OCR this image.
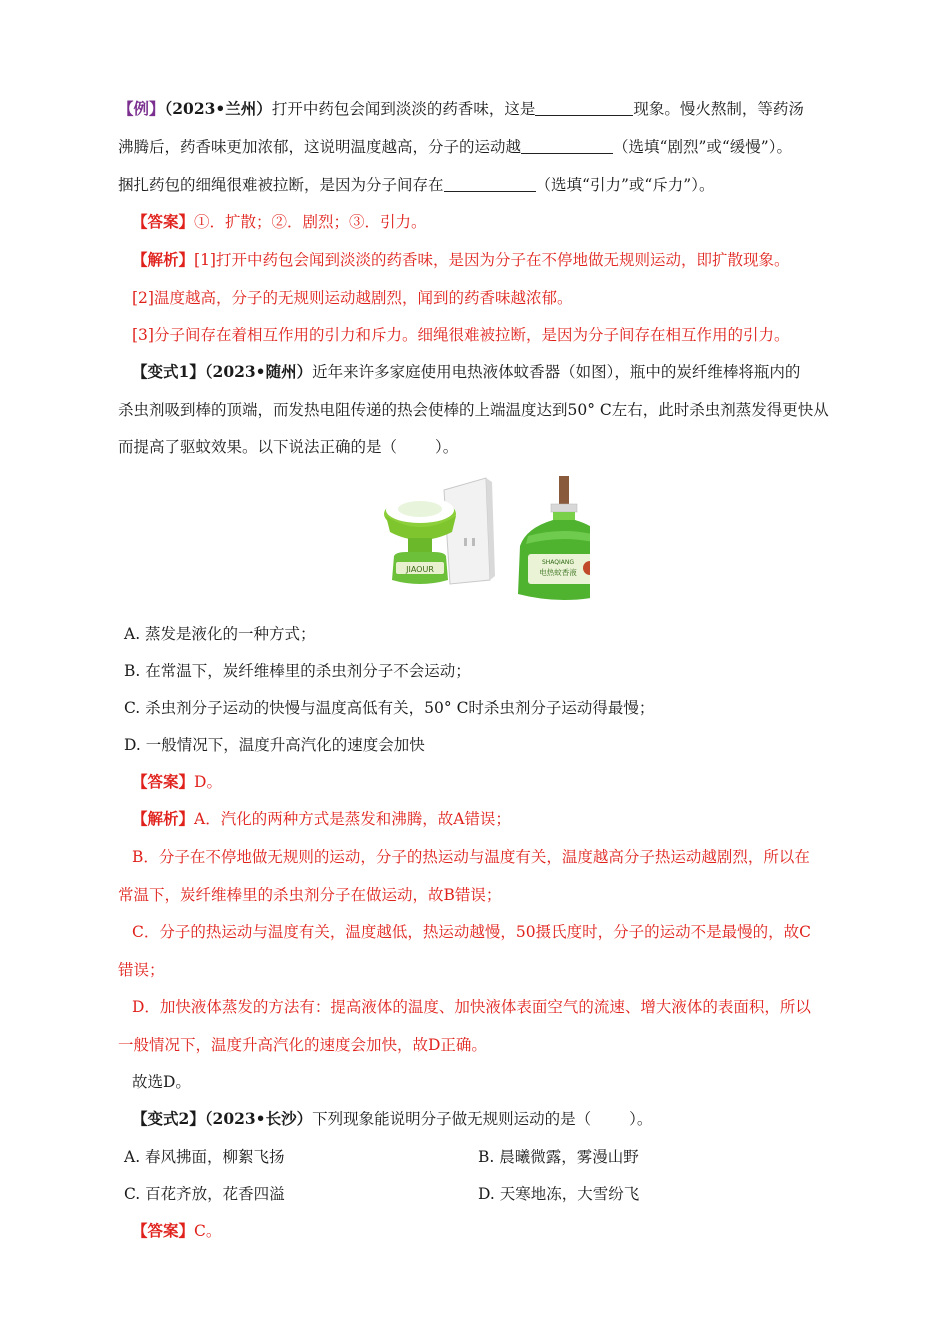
【例】（2023•兰州）打开中药包会闻到淡淡的药香味，这是	现象。慢火熬制，等药汤
沸腾后，药香味更加浓郁，这说明温度越高，分子的运动越	（选填“剧烈”或“缓慢”）。
捆扎药包的细绳很难被拉断，是因为分子间存在	（选填“引力”或“斥力”）。
【答案】①．扩散；②．剧烈；③．引力。
【解析】[1]打开中药包会闻到淡淡的药香味，是因为分子在不停地做无规则运动，即扩散现象。
[2]温度越高，分子的无规则运动越剧烈，闻到的药香味越浓郁。
[3]分子间存在着相互作用的引力和斥力。细绳很难被拉断，是因为分子间存在相互作用的引力。
【变式1】（2023•随州）近年来许多家庭使用电热液体蚊香器（如图），瓶中的炭纤维棒将瓶内的
杀虫剂吸到棒的顶端，而发热电阻传递的热会使棒的上端温度达到50° C左右，此时杀虫剂蒸发得更快从
而提高了驱蚊效果。以下说法正确的是（ ）。
JIAOUR
SHAQIANG
电热蚊香液
A. 蒸发是液化的一种方式；
B. 在常温下，炭纤维棒里的杀虫剂分子不会运动；
C. 杀虫剂分子运动的快慢与温度高低有关，50° C时杀虫剂分子运动得最慢；
D. 一般情况下，温度升高汽化的速度会加快
【答案】D。
【解析】A．汽化的两种方式是蒸发和沸腾，故A错误；
B．分子在不停地做无规则的运动，分子的热运动与温度有关，温度越高分子热运动越剧烈，所以在
常温下，炭纤维棒里的杀虫剂分子在做运动，故B错误；
C．分子的热运动与温度有关，温度越低，热运动越慢，50摄氏度时，分子的运动不是最慢的，故C
错误；
D．加快液体蒸发的方法有：提高液体的温度、加快液体表面空气的流速、增大液体的表面积，所以
一般情况下，温度升高汽化的速度会加快，故D正确。
故选D。
【变式2】（2023•长沙）下列现象能说明分子做无规则运动的是（ ）。
A. 春风拂面，柳絮飞扬	B. 晨曦微露，雾漫山野
C. 百花齐放，花香四溢	D. 天寒地冻，大雪纷飞
【答案】C。
